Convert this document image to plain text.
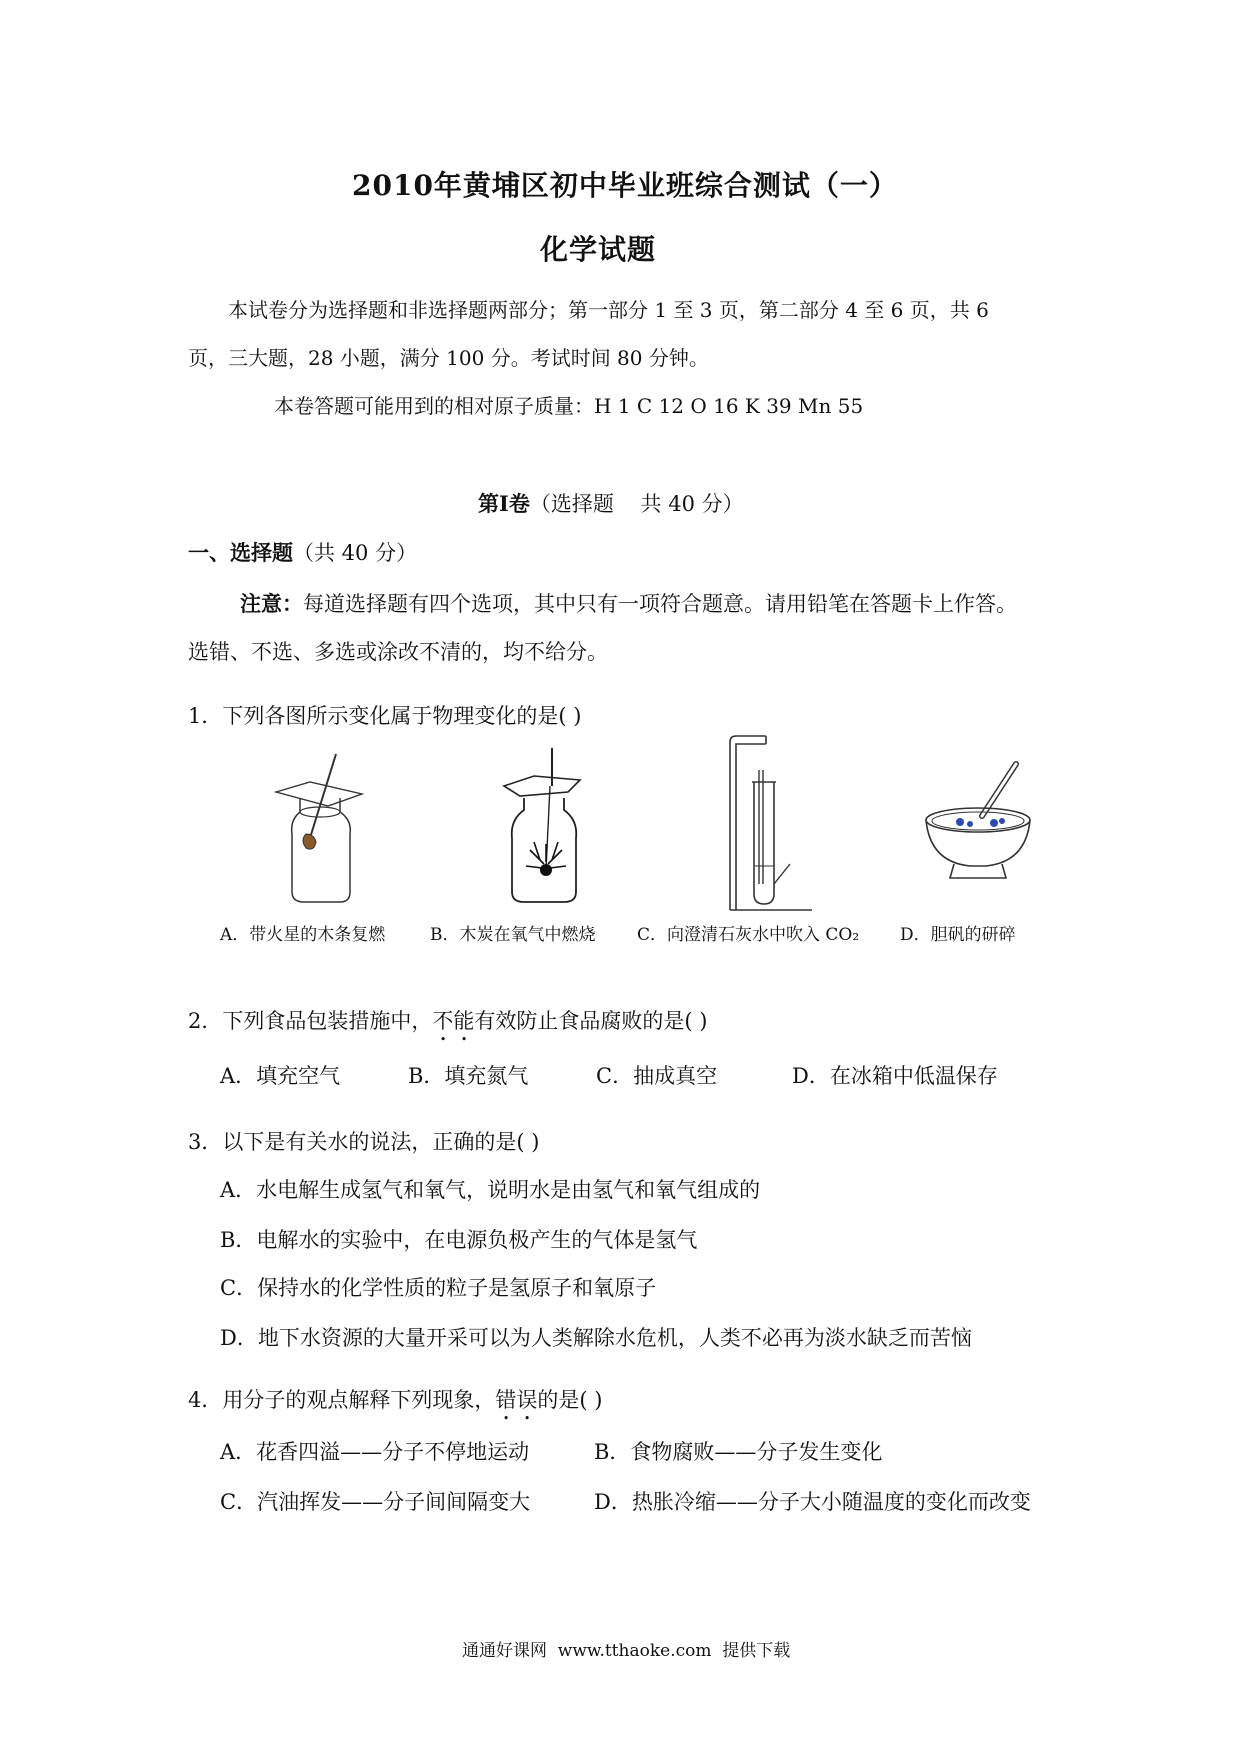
2010年黄埔区初中毕业班综合测试（一）
化学试题
本试卷分为选择题和非选择题两部分；第一部分 1 至 3 页，第二部分 4 至 6 页，共 6
页，三大题，28 小题，满分 100 分。考试时间 80 分钟。
本卷答题可能用到的相对原子质量：H 1 C 12 O 16 K 39 Mn 55
第Ⅰ卷（选择题    共 40 分）
一、选择题（共 40 分）
注意：每道选择题有四个选项，其中只有一项符合题意。请用铅笔在答题卡上作答。
选错、不选、多选或涂改不清的，均不给分。
1．下列各图所示变化属于物理变化的是( )
A．带火星的木条复燃	B．木炭在氧气中燃烧 C．向澄清石灰水中吹入 CO₂ D．胆矾的研碎
2．下列食品包装措施中，不能有效防止食品腐败的是( )
A．填充空气	B．填充氮气	C．抽成真空	D．在冰箱中低温保存
3．以下是有关水的说法，正确的是( )
A．水电解生成氢气和氧气，说明水是由氢气和氧气组成的
B．电解水的实验中，在电源负极产生的气体是氢气
C．保持水的化学性质的粒子是氢原子和氧原子
D．地下水资源的大量开采可以为人类解除水危机，人类不必再为淡水缺乏而苦恼
4．用分子的观点解释下列现象，错误的是( )
A．花香四溢——分子不停地运动	B．食物腐败——分子发生变化
C．汽油挥发——分子间间隔变大	D．热胀冷缩——分子大小随温度的变化而改变
通通好课网  www.tthaoke.com  提供下载
